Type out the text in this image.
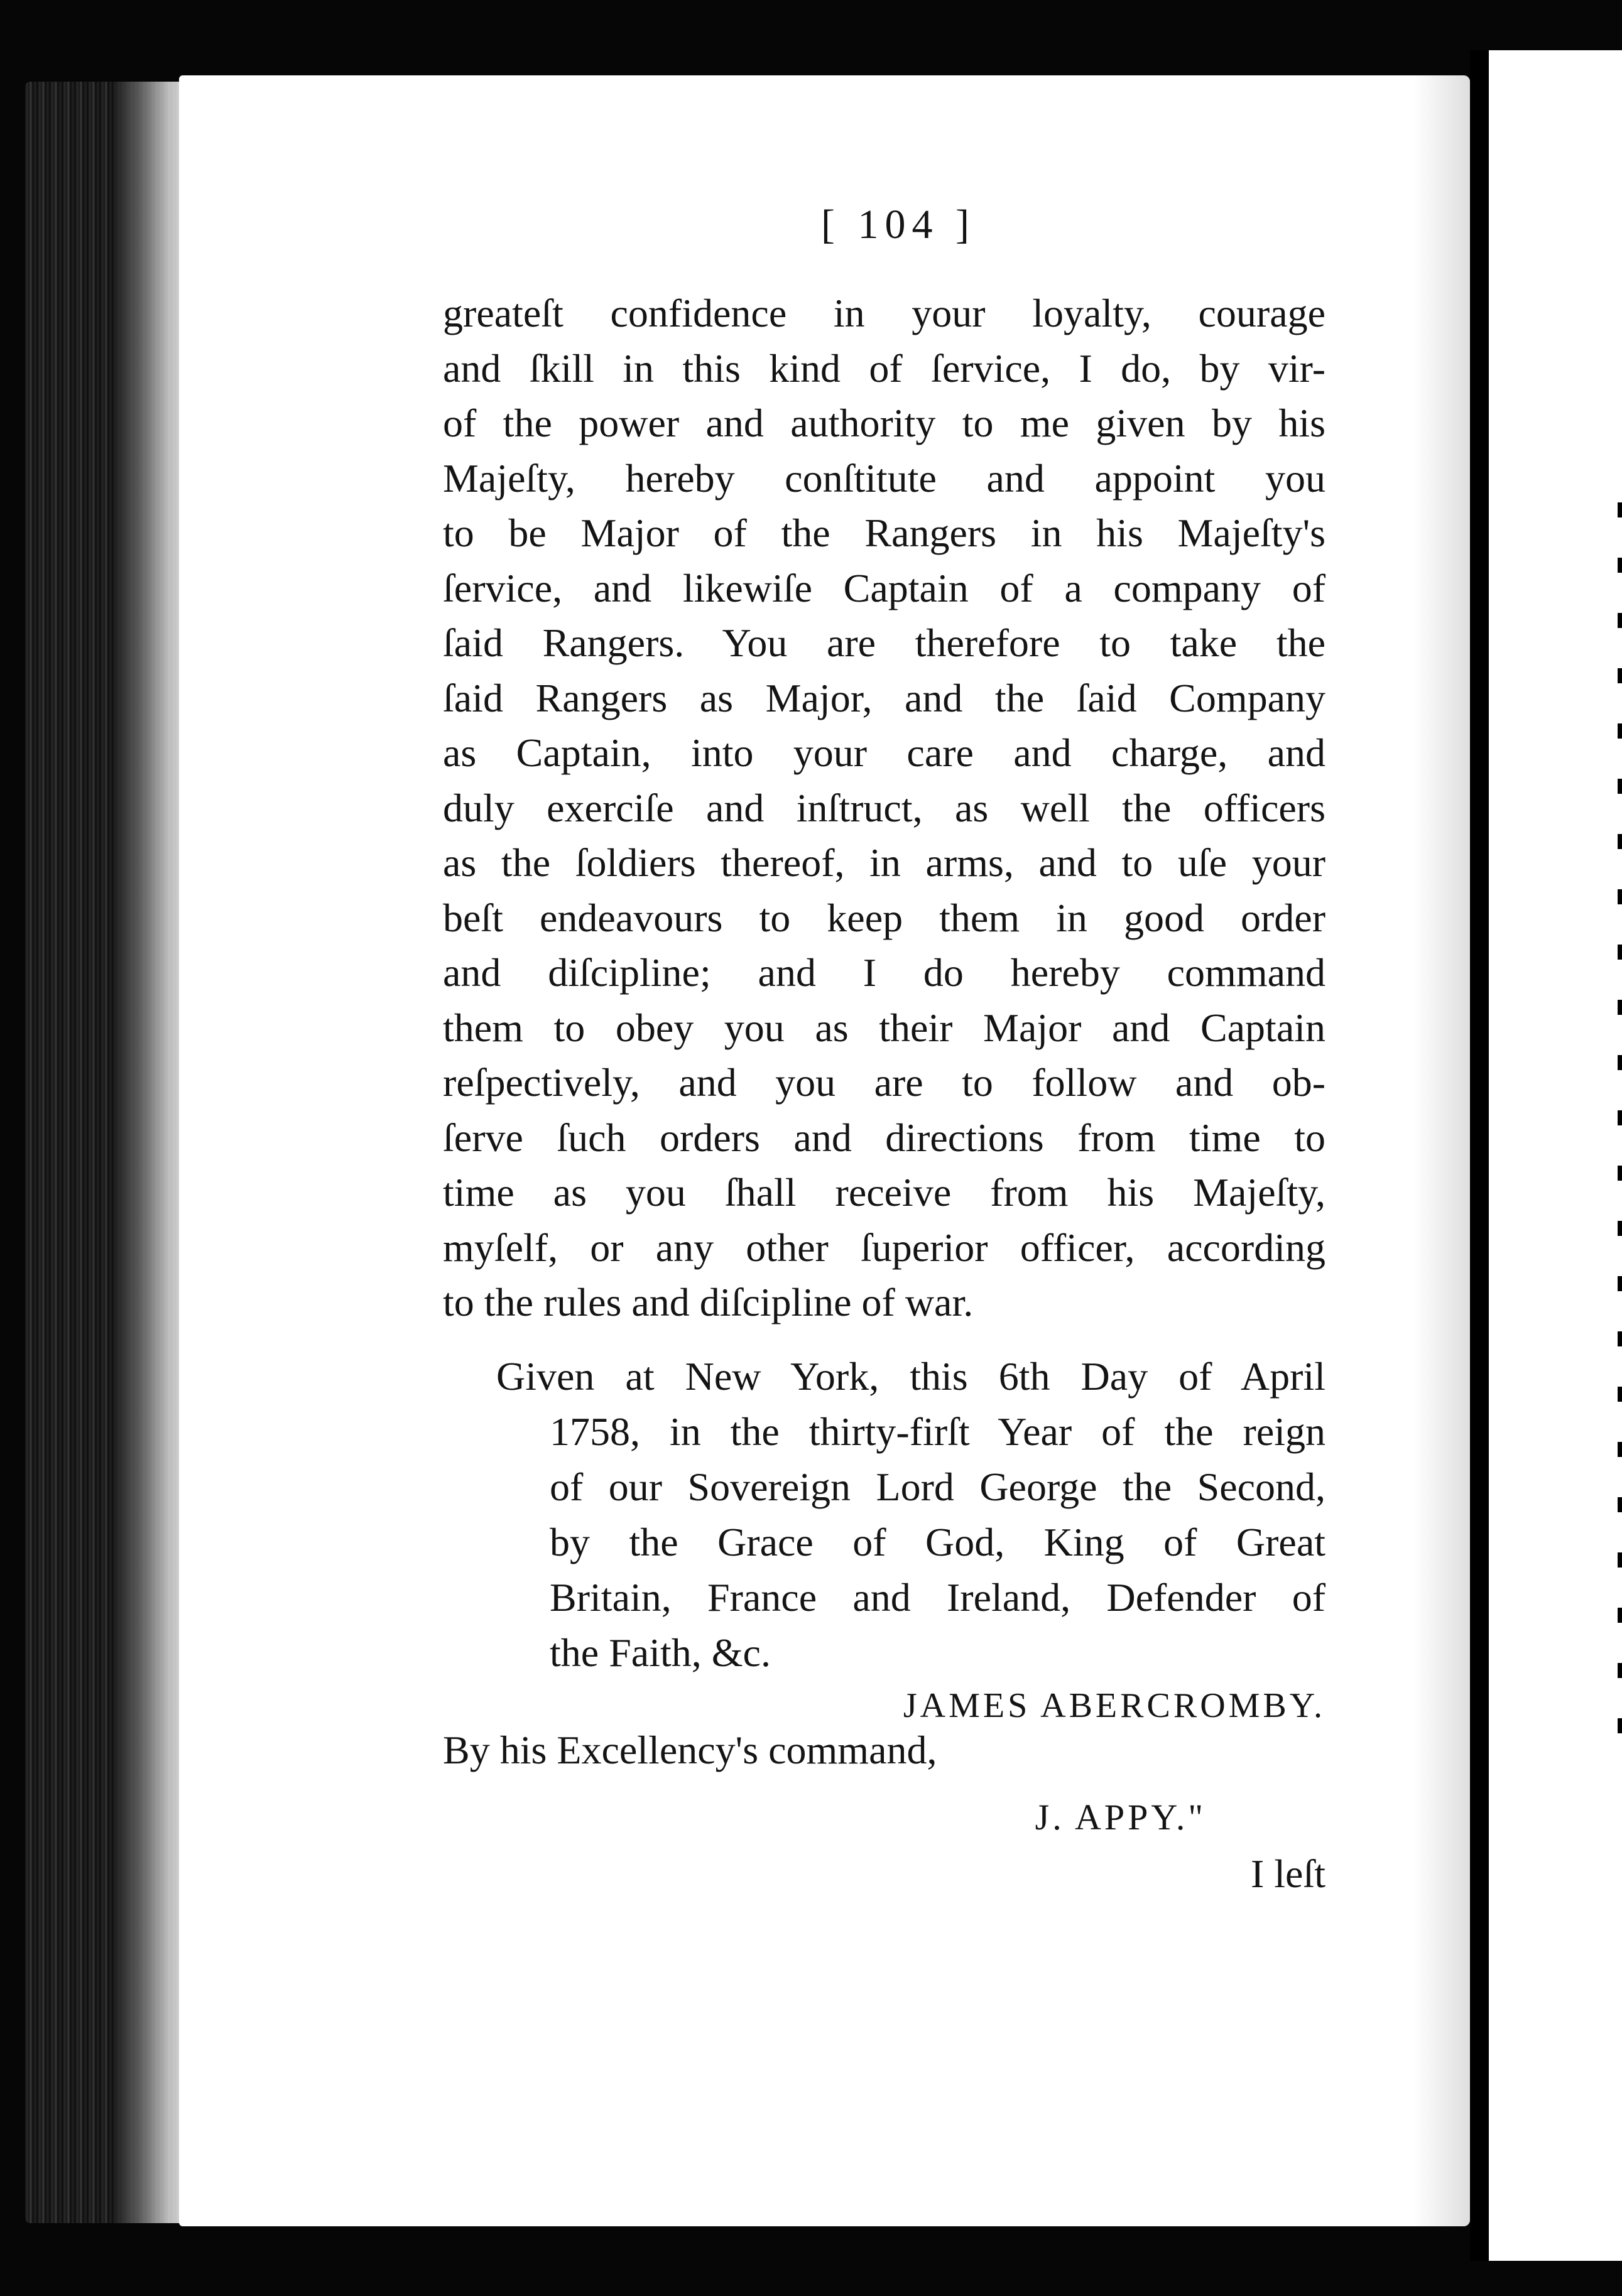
[ 104 ]
greateſt confidence in your loyalty, courage
and ſkill in this kind of ſervice, I do, by vir-
of the power and authority to me given by his
Majeſty, hereby conſtitute and appoint you
to be Major of the Rangers in his Majeſty's
ſervice, and likewiſe Captain of a company of
ſaid Rangers. You are therefore to take the
ſaid Rangers as Major, and the ſaid Company
as Captain, into your care and charge, and
duly exerciſe and inſtruct, as well the officers
as the ſoldiers thereof, in arms, and to uſe your
beſt endeavours to keep them in good order
and diſcipline; and I do hereby command
them to obey you as their Major and Captain
reſpectively, and you are to follow and ob-
ſerve ſuch orders and directions from time to
time as you ſhall receive from his Majeſty,
myſelf, or any other ſuperior officer, according
to the rules and diſcipline of war.
Given at New York, this 6th Day of April
1758, in the thirty-firſt Year of the reign
of our Sovereign Lord George the Second,
by the Grace of God, King of Great
Britain, France and Ireland, Defender of
the Faith, &c.
JAMES ABERCROMBY.
By his Excellency's command,
J. APPY."
I leſt
